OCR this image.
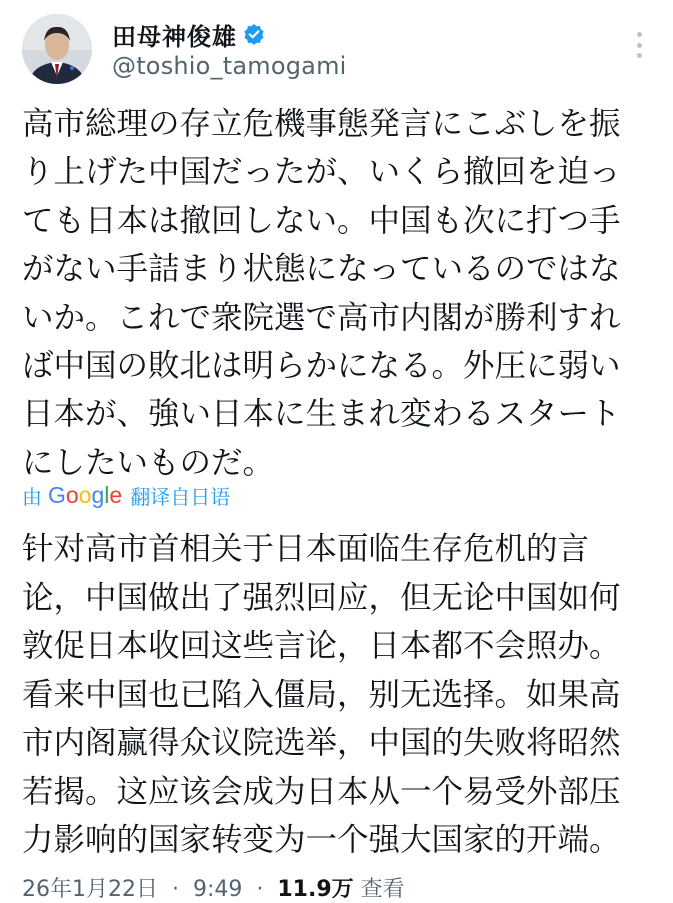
田母神俊雄
@toshio_tamogami
高市総理の存立危機事態発言にこぶしを振
り上げた中国だったが、いくら撤回を迫っ
ても日本は撤回しない。中国も次に打つ手
がない手詰まり状態になっているのではな
いか。これで衆院選で高市内閣が勝利すれ
ば中国の敗北は明らかになる。外圧に弱い
日本が、強い日本に生まれ変わるスタート
にしたいものだ。
由 Google 翻译自日语
针对高市首相关于日本面临生存危机的言
论，中国做出了强烈回应，但无论中国如何
敦促日本收回这些言论，日本都不会照办。
看来中国也已陷入僵局，别无选择。如果高
市内阁赢得众议院选举，中国的失败将昭然
若揭。这应该会成为日本从一个易受外部压
力影响的国家转变为一个强大国家的开端。
26年1月22日  ·  9:49  ·  11.9万 查看
